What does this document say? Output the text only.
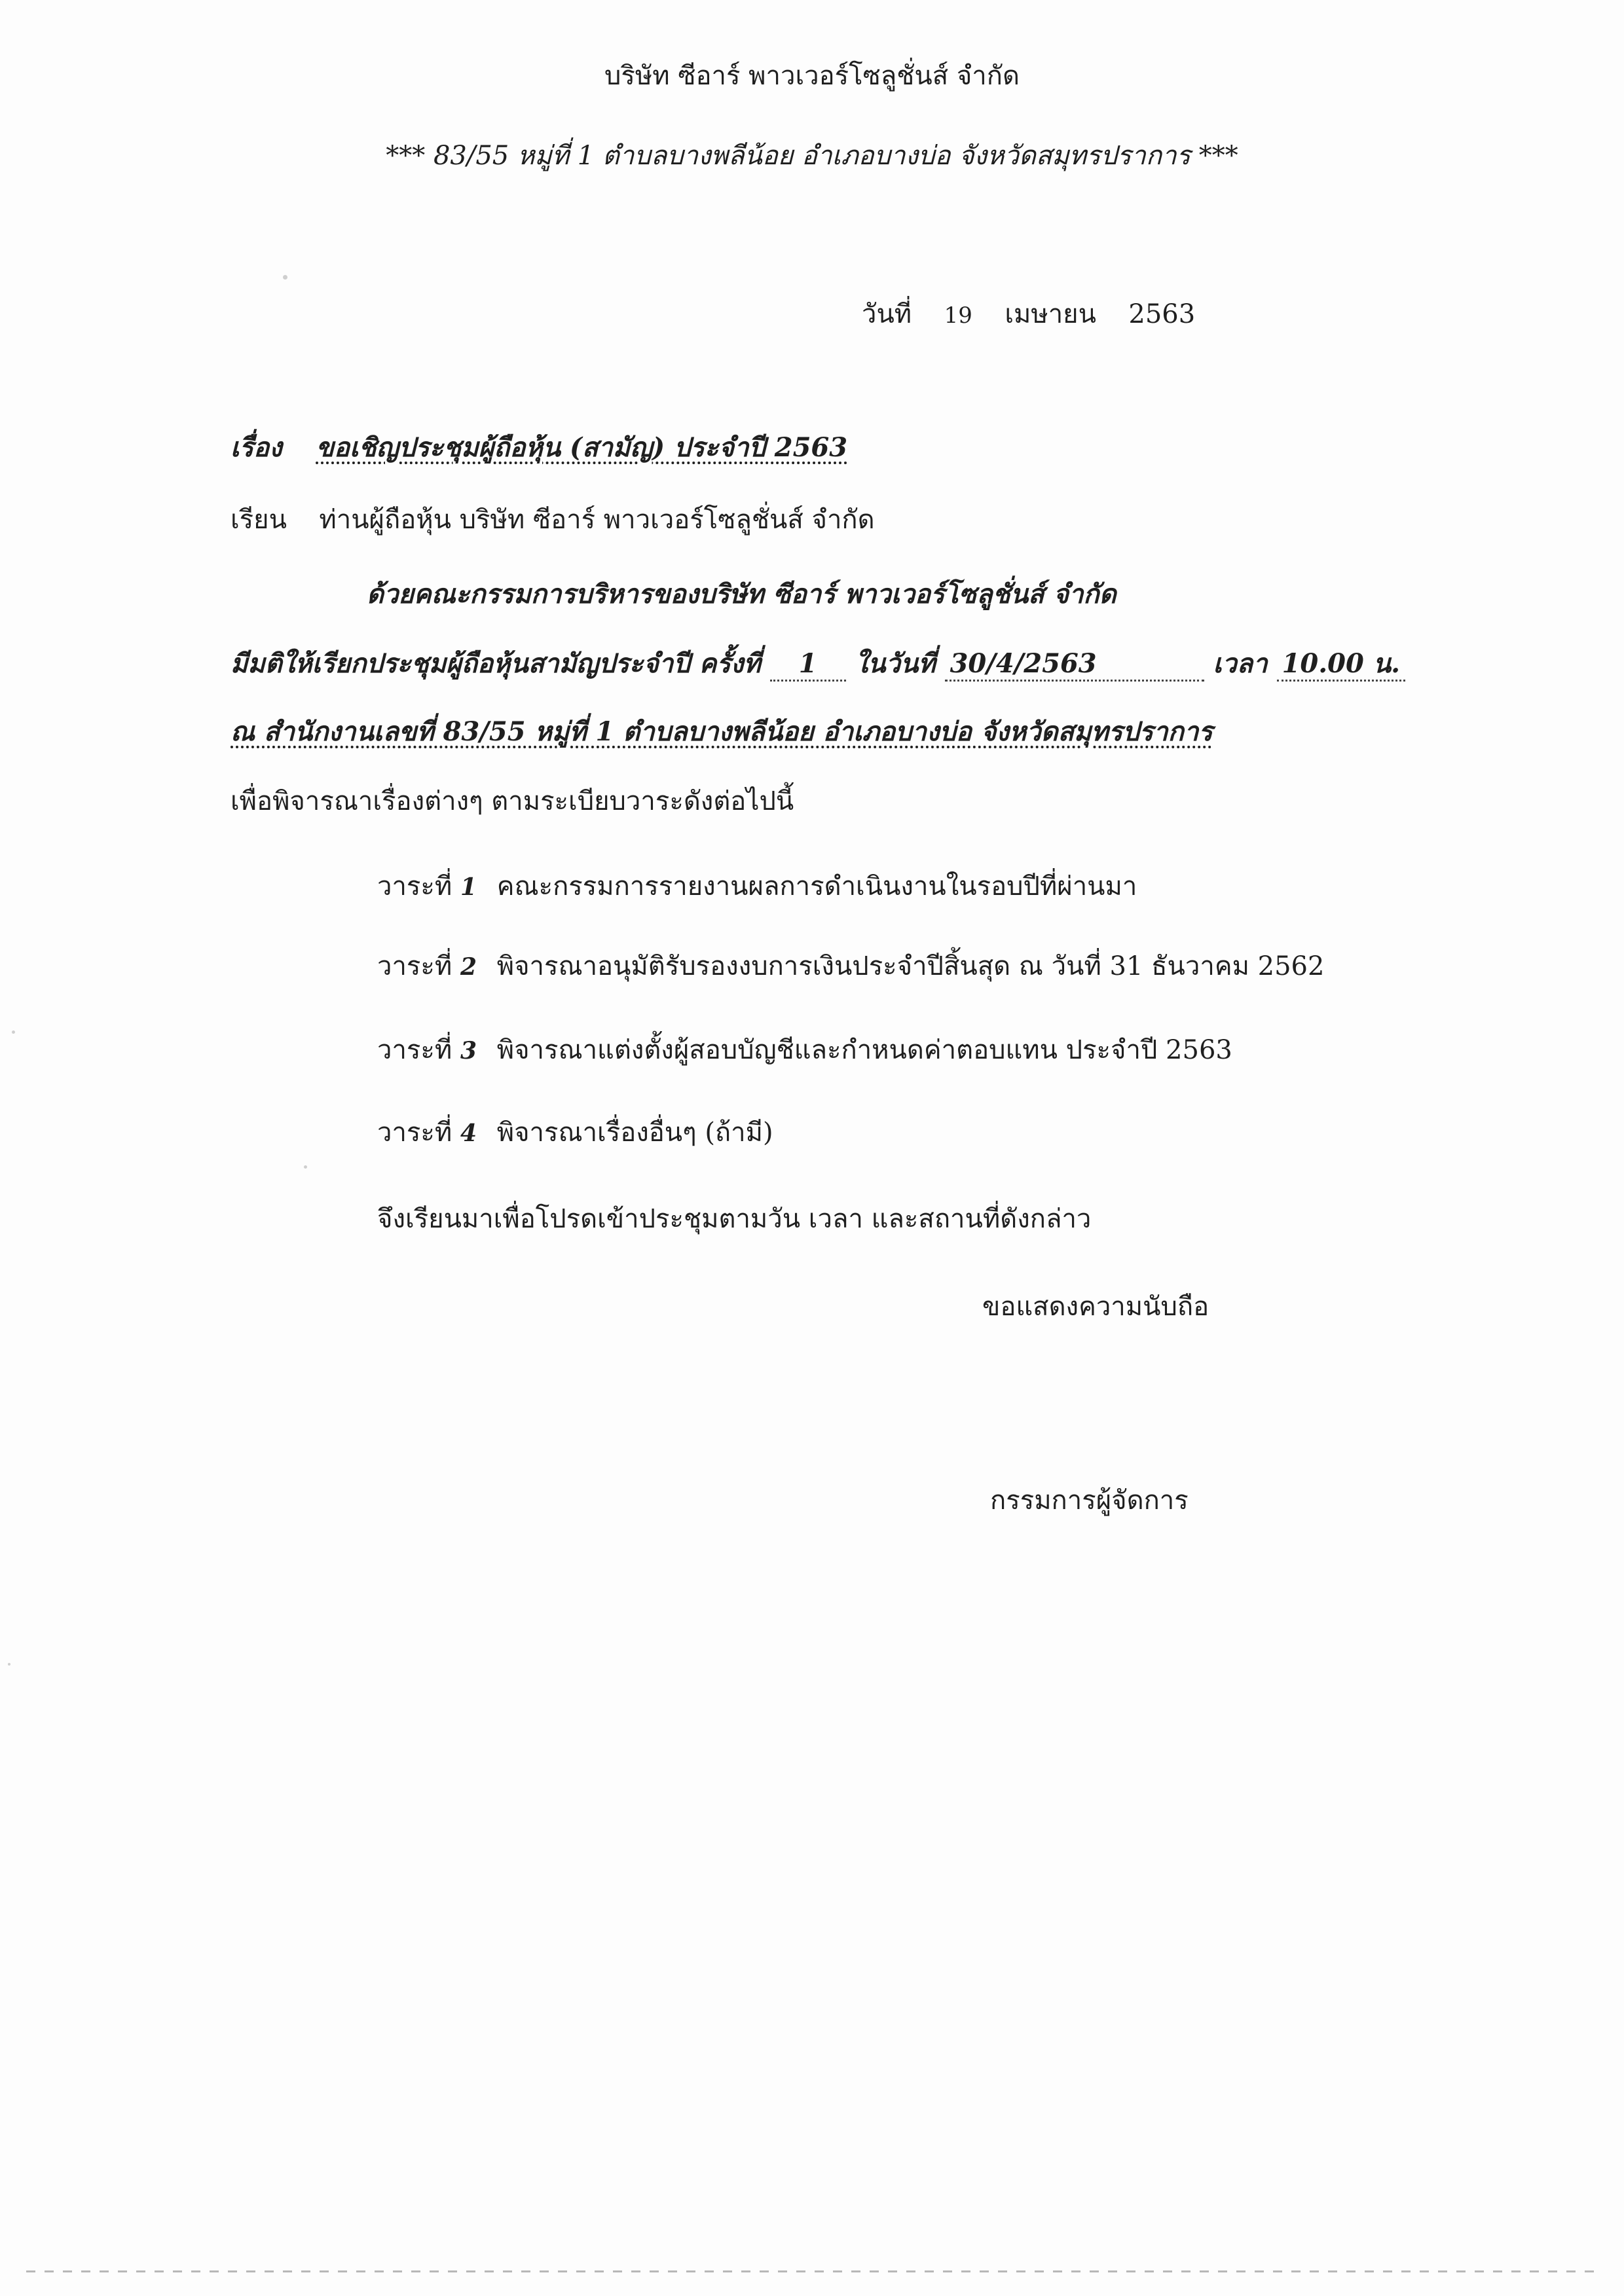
บริษัท ซีอาร์ พาวเวอร์โซลูชั่นส์ จำกัด
*** 83/55 หมู่ที่ 1 ตำบลบางพลีน้อย อำเภอบางบ่อ จังหวัดสมุทรปราการ ***
วันที่ 19 เมษายน 2563
เรื่อง ขอเชิญประชุมผู้ถือหุ้น (สามัญ) ประจำปี 2563
เรียน ท่านผู้ถือหุ้น บริษัท ซีอาร์ พาวเวอร์โซลูชั่นส์ จำกัด
ด้วยคณะกรรมการบริหารของบริษัท ซีอาร์ พาวเวอร์โซลูชั่นส์ จำกัด
มีมติให้เรียกประชุมผู้ถือหุ้นสามัญประจำปี ครั้งที่ 1 ในวันที่ 30/4/2563	เวลา 10.00 น.
ณ สำนักงานเลขที่ 83/55 หมู่ที่ 1 ตำบลบางพลีน้อย อำเภอบางบ่อ จังหวัดสมุทรปราการ
เพื่อพิจารณาเรื่องต่างๆ ตามระเบียบวาระดังต่อไปนี้
วาระที่ 1 คณะกรรมการรายงานผลการดำเนินงานในรอบปีที่ผ่านมา
วาระที่ 2 พิจารณาอนุมัติรับรองงบการเงินประจำปีสิ้นสุด ณ วันที่ 31 ธันวาคม 2562
วาระที่ 3 พิจารณาแต่งตั้งผู้สอบบัญชีและกำหนดค่าตอบแทน ประจำปี 2563
วาระที่ 4 พิจารณาเรื่องอื่นๆ (ถ้ามี)
จึงเรียนมาเพื่อโปรดเข้าประชุมตามวัน เวลา และสถานที่ดังกล่าว
ขอแสดงความนับถือ
กรรมการผู้จัดการ
